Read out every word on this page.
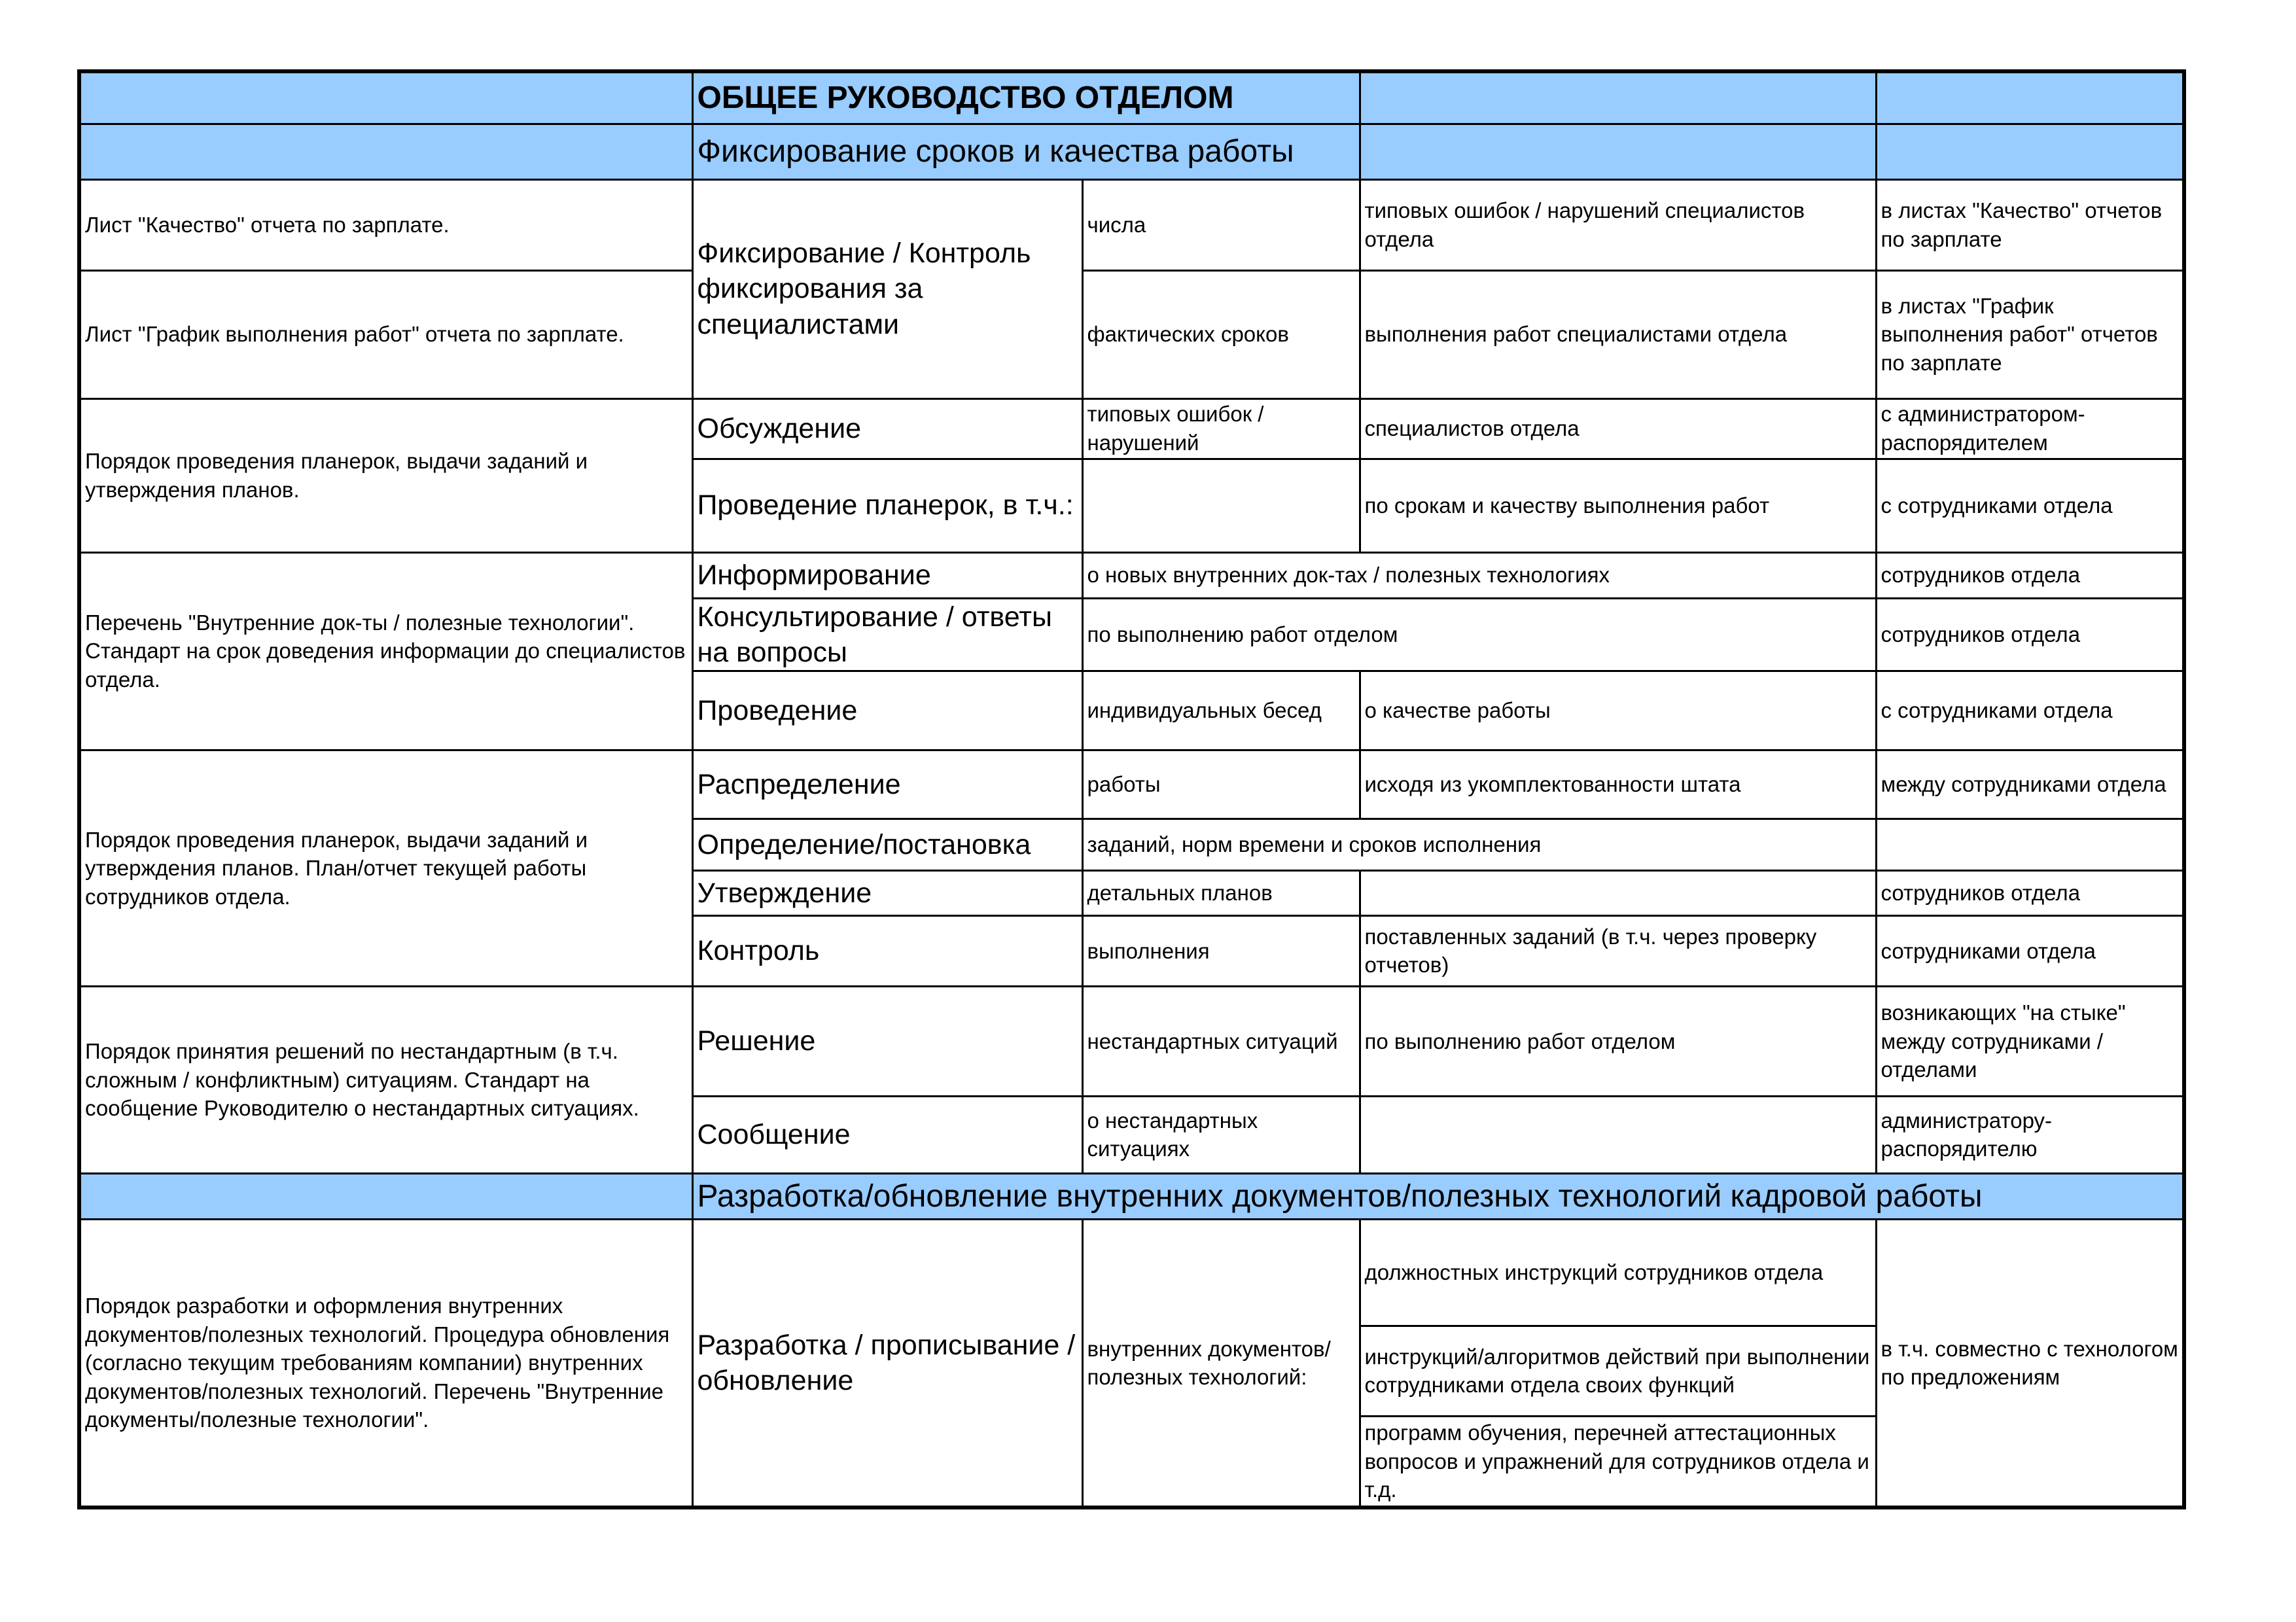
	ОБЩЕЕ РУКОВОДСТВО ОТДЕЛОМ			
	Фиксирование сроков и качества работы			
Лист "Качество" отчета по зарплате.	Фиксирование / Контроль фиксирования за специалистами	числа	типовых ошибок / нарушений специалистов отдела	в листах "Качество" отчетов по зарплате
Лист "График выполнения работ" отчета по зарплате.		фактических сроков	выполнения работ специалистами отдела	в листах "График выполнения работ" отчетов по зарплате
Порядок проведения планерок, выдачи заданий и утверждения планов.	Обсуждение	типовых ошибок / нарушений	специалистов отдела	с администратором-распорядителем
	Проведение планерок, в т.ч.:		по срокам и качеству выполнения работ	с сотрудниками отдела
Перечень "Внутренние док-ты / полезные технологии". Стандарт на срок доведения информации до специалистов отдела.	Информирование	о новых внутренних док-тах / полезных технологиях		сотрудников отдела
	Консультирование / ответы на вопросы	по выполнению работ отделом		сотрудников отдела
	Проведение	индивидуальных бесед	о качестве работы	с сотрудниками отдела
Порядок проведения планерок, выдачи заданий и утверждения планов. План/отчет текущей работы сотрудников отдела.	Распределение	работы	исходя из укомплектованности штата	между сотрудниками отдела
	Определение/постановка	заданий, норм времени и сроков исполнения		
	Утверждение	детальных планов		сотрудников отдела
	Контроль	выполнения	поставленных заданий (в т.ч. через проверку отчетов)	сотрудниками отдела
Порядок принятия решений по нестандартным (в т.ч. сложным / конфликтным) ситуациям. Стандарт на сообщение Руководителю о нестандартных ситуациях.	Решение	нестандартных ситуаций	по выполнению работ отделом	возникающих "на стыке" между сотрудниками / отделами
	Сообщение	о нестандартных ситуациях		администратору-распорядителю
	Разработка/обновление внутренних документов/полезных технологий кадровой работы			
Порядок разработки и оформления внутренних документов/полезных технологий. Процедура обновления (согласно текущим требованиям компании) внутренних документов/полезных технологий. Перечень "Внутренние документы/полезные технологии".	Разработка / прописывание / обновление	внутренних документов/полезных технологий:	должностных инструкций сотрудников отдела	в т.ч. совместно с технологом по предложениям
			инструкций/алгоритмов действий при выполнении сотрудниками отдела своих функций	
			программ обучения, перечней аттестационных вопросов и упражнений для сотрудников отдела и т.д.	
